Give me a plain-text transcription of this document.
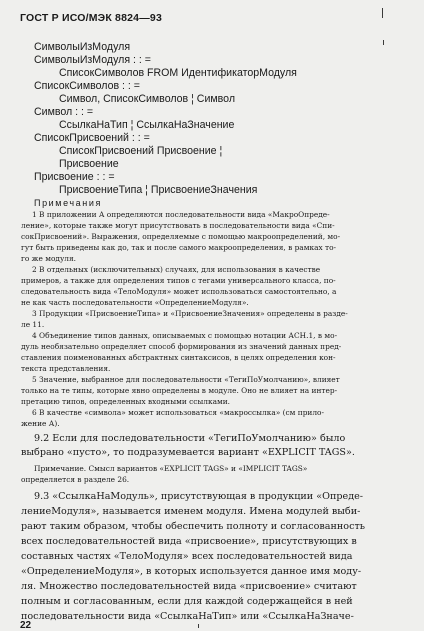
ГОСТ Р ИСО/МЭК 8824—93
СимволыИзМодуля
СимволыИзМодуля : : =
СписокСимволов FROM ИдентификаторМодуля
СписокСимволов : : =
Символ, СписокСимволов ¦ Символ
Символ : : =
СсылкаНаТип ¦ СсылкаНаЗначение
СписокПрисвоений : : =
СписокПрисвоений Присвоение ¦
Присвоение
Присвоение : : =
ПрисвоениеТипа ¦ ПрисвоениеЗначения
Примечания
1 В приложении А определяются последовательности вида «МакроОпреде-
ление», которые также могут присутствовать в последовательности вида «Спи-
сокПрисвоений». Выражения, определяемые с помощью макроопределений, мо-
гут быть приведены как до, так и после самого макроопределения, в рамках то-
го же модуля.
2 В отдельных (исключительных) случаях, для использования в качестве
примеров, а также для определения типов с тегами универсального класса, по-
следовательность вида «ТелоМодуля» может использоваться самостоятельно, а
не как часть последовательности «ОпределениеМодуля».
3 Продукции «ПрисвоениеТипа» и «ПрисвоениеЗначения» определены в разде-
ле 11.
4 Объединение типов данных, описываемых с помощью нотации АСН.1, в мо-
дуль необязательно определяет способ формирования из значений данных пред-
ставления поименованных абстрактных синтаксисов, в целях определения кон-
текста представления.
5 Значение, выбранное для последовательности «ТегиПоУмолчанию», влияет
только на те типы, которые явно определены в модуле. Оно не влияет на интер-
претацию типов, определенных входными ссылками.
6 В качестве «символа» может использоваться «макроссылка» (см прило-
жение А).
9.2 Если для последовательности «ТегиПоУмолчанию» было
выбрано «пусто», то подразумевается вариант «EXPLICIT TAGS».
Примечание. Смысл вариантов «EXPLICIT TAGS» и «IMPLICIT TAGS»
определяется в разделе 26.
9.3 «СсылкаНаМодуль», присутствующая в продукции «Опреде-
лениеМодуля», называется именем модуля. Имена модулей выби-
рают таким образом, чтобы обеспечить полноту и согласованность
всех последовательностей вида «присвоение», присутствующих в
составных частях «ТелоМодуля» всех последовательностей вида
«ОпределениеМодуля», в которых используется данное имя моду-
ля. Множество последовательностей вида «присвоение» считают
полным и согласованным, если для каждой содержащейся в ней
последовательности вида «СсылкаНаТип» или «СсылкаНаЗначе-
22
